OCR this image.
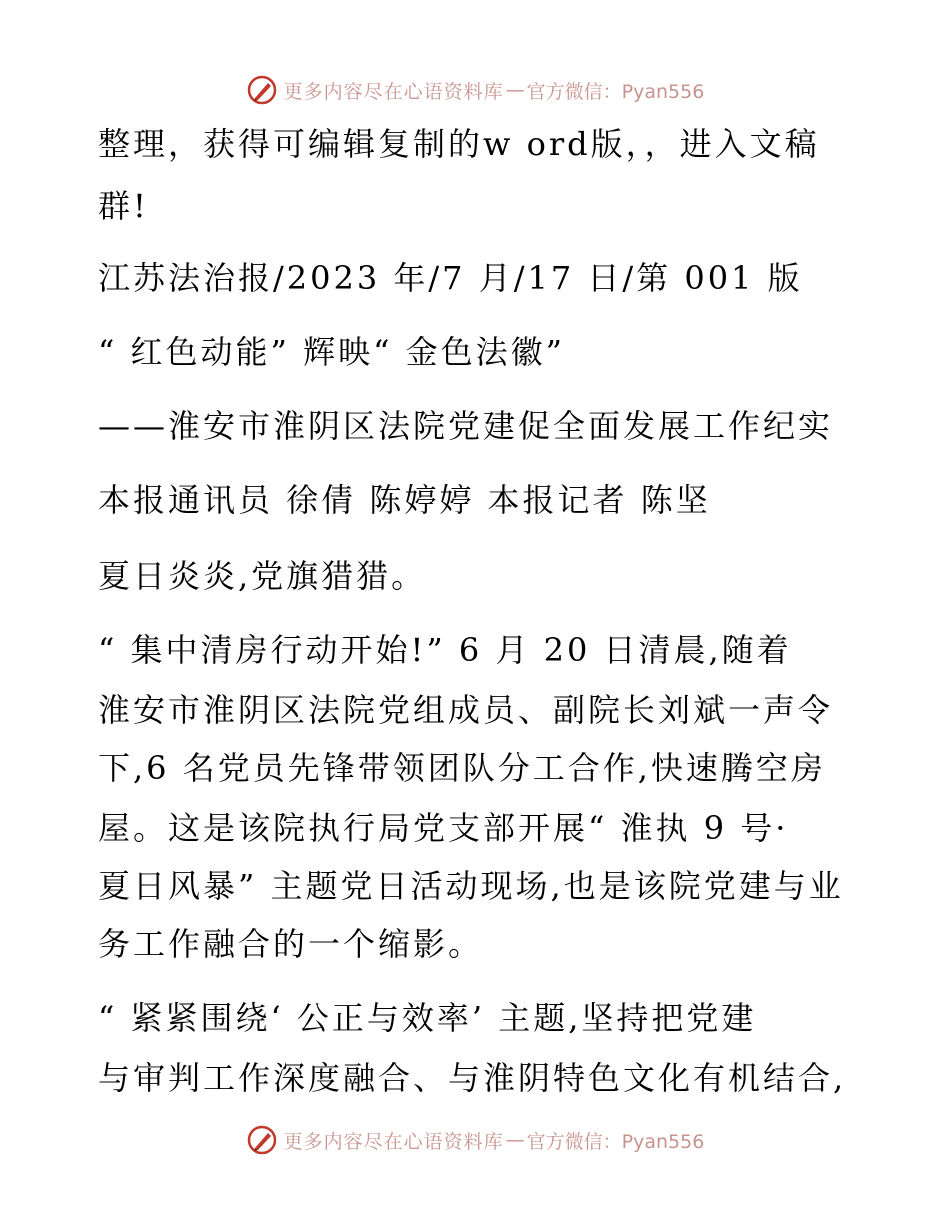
更多内容尽在心语资料库 — 官方微信：Pyan556
整理，获得可编辑复制的w ord版，，进入文稿
群!
江苏法治报/2023 年/7 月/17 日/第 001 版
“ 红色动能” 辉映“ 金色法徽”
——淮安市淮阴区法院党建促全面发展工作纪实
本报通讯员 徐倩 陈婷婷 本报记者 陈坚
夏日炎炎,党旗猎猎。
“ 集中清房行动开始!” 6 月 20 日清晨,随着
淮安市淮阴区法院党组成员、副院长刘斌一声令
下,6 名党员先锋带领团队分工合作,快速腾空房
屋。这是该院执行局党支部开展“ 淮执 9 号·
夏日风暴” 主题党日活动现场,也是该院党建与业
务工作融合的一个缩影。
“ 紧紧围绕‘ 公正与效率’ 主题,坚持把党建
与审判工作深度融合、与淮阴特色文化有机结合,
更多内容尽在心语资料库 — 官方微信：Pyan556
